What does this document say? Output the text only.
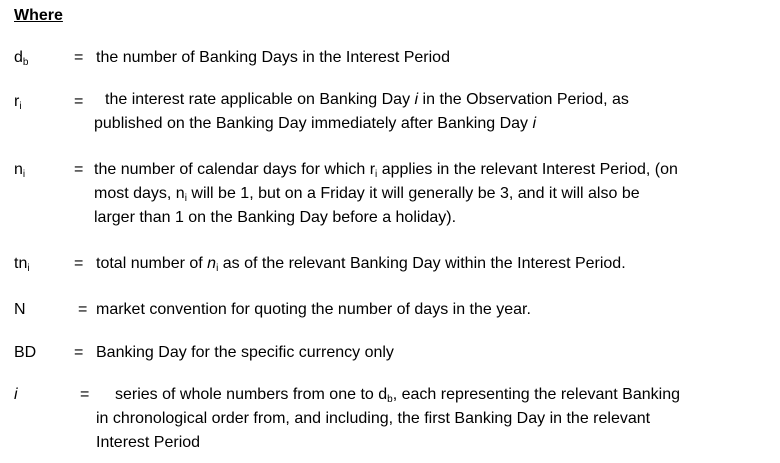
Where
$d_b$	= the number of Banking Days in the Interest Period
$r_i$	= the interest rate applicable on Banking Day i in the Observation Period, as
published on the Banking Day immediately after Banking Day i
$n_i$	= the number of calendar days for which $r_i$ applies in the relevant Interest Period, (on
most days, $n_i$ will be 1, but on a Friday it will generally be 3, and it will also be
larger than 1 on the Banking Day before a holiday).
$tn_i$	= total number of $n_i$ as of the relevant Banking Day within the Interest Period.
N	= market convention for quoting the number of days in the year.
BD = Banking Day for the specific currency only
i	= series of whole numbers from one to $d_b$, each representing the relevant Banking
in chronological order from, and including, the first Banking Day in the relevant
Interest Period
